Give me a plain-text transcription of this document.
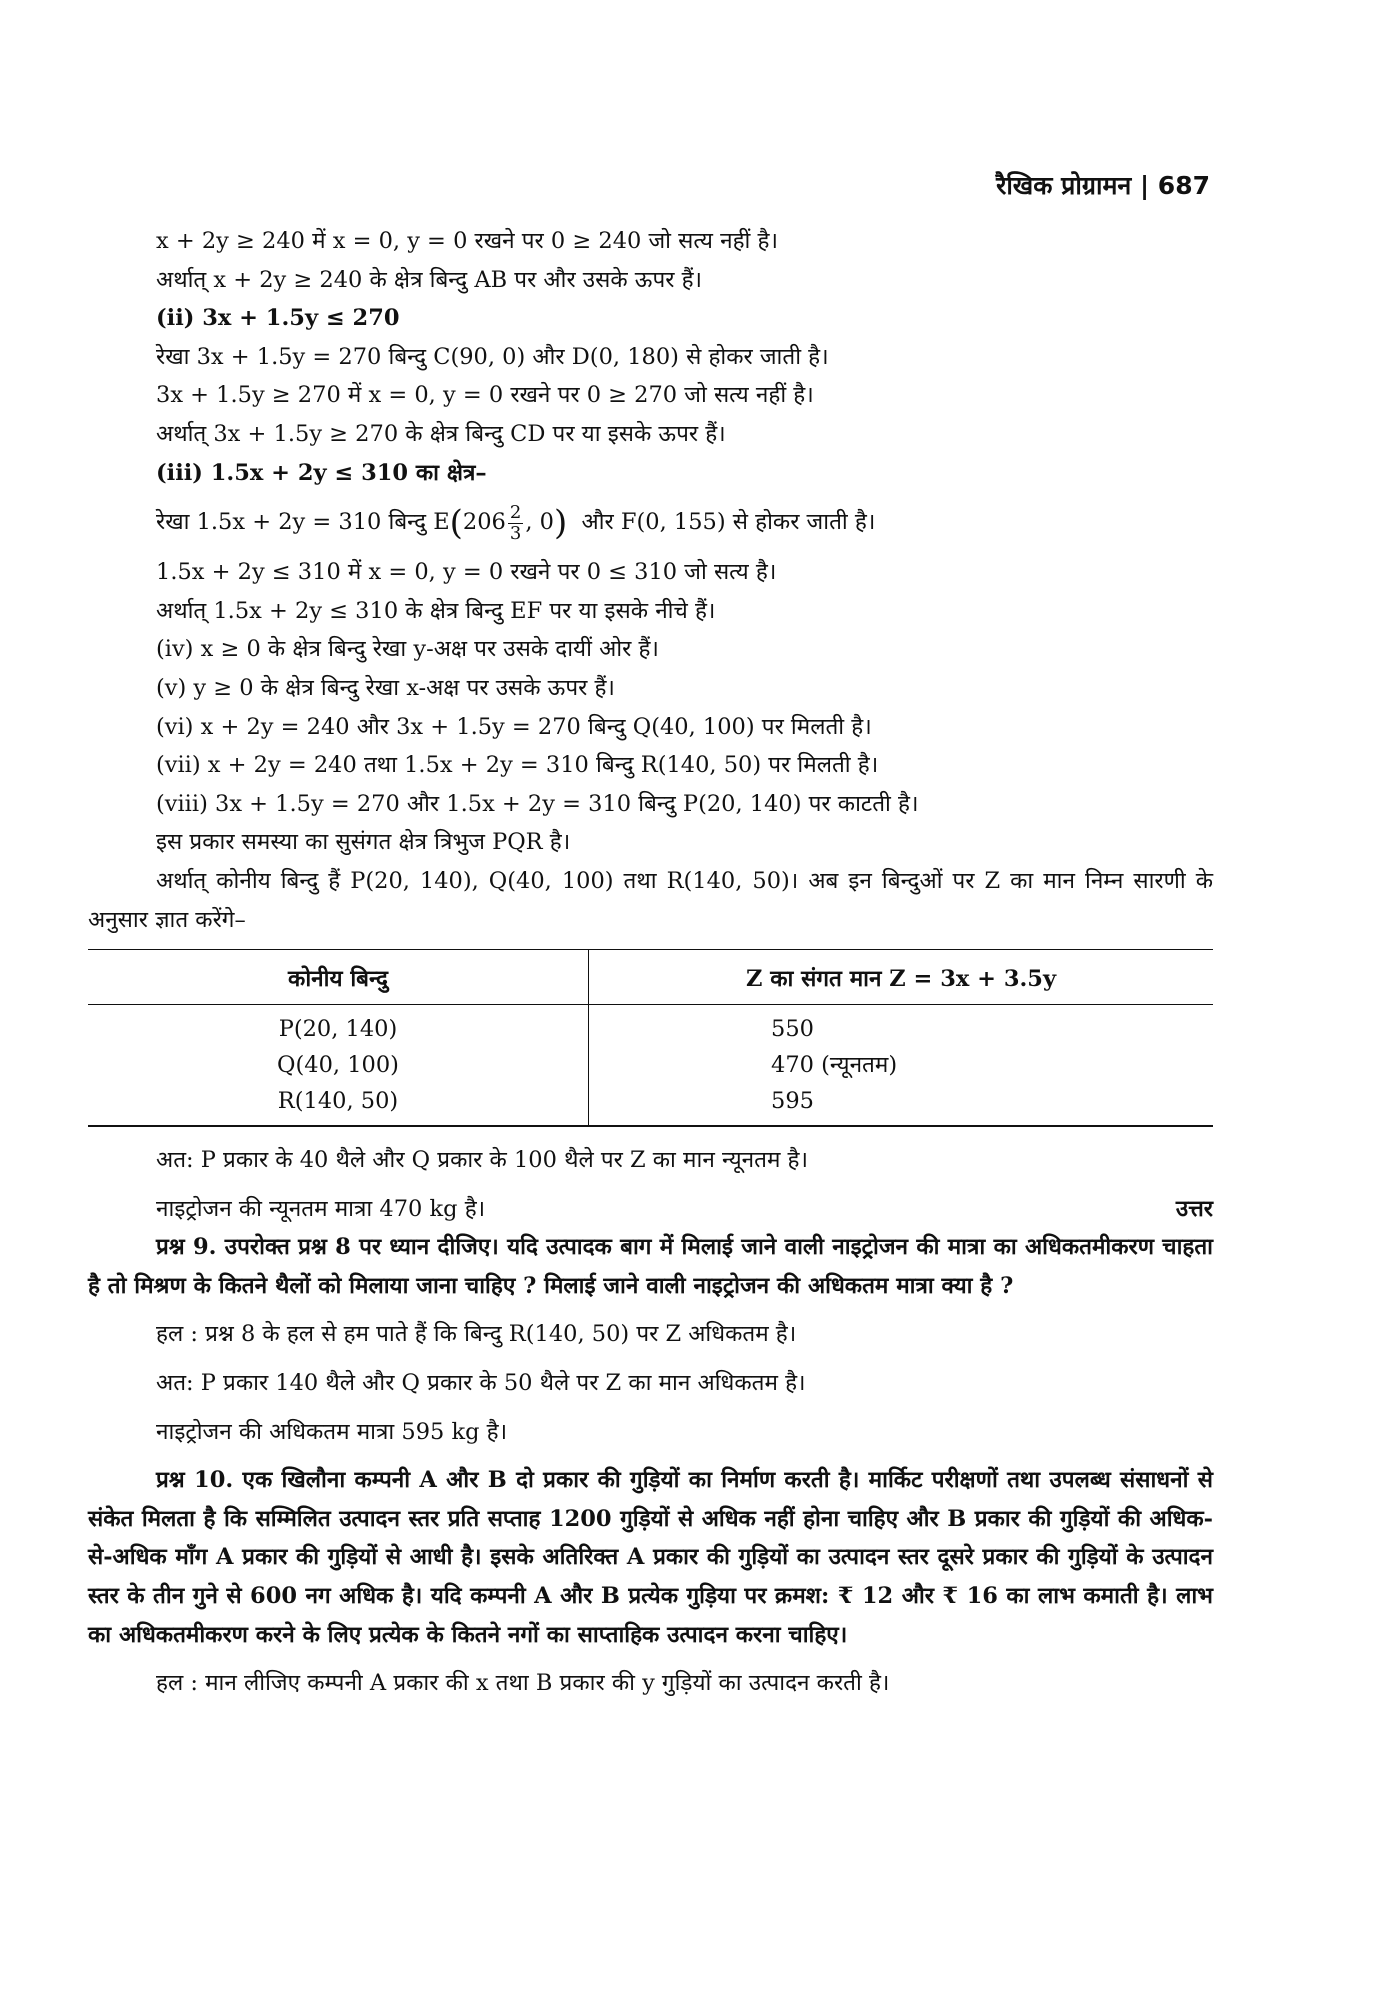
रैखिक प्रोग्रामन | 687
x + 2y ≥ 240 में x = 0, y = 0 रखने पर 0 ≥ 240 जो सत्य नहीं है।
अर्थात् x + 2y ≥ 240 के क्षेत्र बिन्दु AB पर और उसके ऊपर हैं।
(ii) 3x + 1.5y ≤ 270
रेखा 3x + 1.5y = 270 बिन्दु C(90, 0) और D(0, 180) से होकर जाती है।
3x + 1.5y ≥ 270 में x = 0, y = 0 रखने पर 0 ≥ 270 जो सत्य नहीं है।
अर्थात् 3x + 1.5y ≥ 270 के क्षेत्र बिन्दु CD पर या इसके ऊपर हैं।
(iii) 1.5x + 2y ≤ 310 का क्षेत्र–
रेखा 1.5x + 2y = 310 बिन्दु $E(206 \frac{2}{3}$ , 0) और F(0, 155) से होकर जाती है।
1.5x + 2y ≤ 310 में x = 0, y = 0 रखने पर 0 ≤ 310 जो सत्य है।
अर्थात् 1.5x + 2y ≤ 310 के क्षेत्र बिन्दु EF पर या इसके नीचे हैं।
(iv) x ≥ 0 के क्षेत्र बिन्दु रेखा y-अक्ष पर उसके दायीं ओर हैं।
(v) y ≥ 0 के क्षेत्र बिन्दु रेखा x-अक्ष पर उसके ऊपर हैं।
(vi) x + 2y = 240 और 3x + 1.5y = 270 बिन्दु Q(40, 100) पर मिलती है।
(vii) x + 2y = 240 तथा 1.5x + 2y = 310 बिन्दु R(140, 50) पर मिलती है।
(viii) 3x + 1.5y = 270 और 1.5x + 2y = 310 बिन्दु P(20, 140) पर काटती है।
इस प्रकार समस्या का सुसंगत क्षेत्र त्रिभुज PQR है।
अर्थात् कोनीय बिन्दु हैं P(20, 140), Q(40, 100) तथा R(140, 50)। अब इन बिन्दुओं पर Z का मान निम्न सारणी के अनुसार ज्ञात करेंगे–
कोनीय बिन्दु	Z का संगत मान Z = 3x + 3.5y
P(20, 140)	550
Q(40, 100)	470 (न्यूनतम)
R(140, 50)	595
अत: P प्रकार के 40 थैले और Q प्रकार के 100 थैले पर Z का मान न्यूनतम है।
नाइट्रोजन की न्यूनतम मात्रा 470 kg है।	उत्तर
प्रश्न 9. उपरोक्त प्रश्न 8 पर ध्यान दीजिए। यदि उत्पादक बाग में मिलाई जाने वाली नाइट्रोजन की मात्रा का अधिकतमीकरण चाहता है तो मिश्रण के कितने थैलों को मिलाया जाना चाहिए ? मिलाई जाने वाली नाइट्रोजन की अधिकतम मात्रा क्या है ?
हल : प्रश्न 8 के हल से हम पाते हैं कि बिन्दु R(140, 50) पर Z अधिकतम है।
अत: P प्रकार 140 थैले और Q प्रकार के 50 थैले पर Z का मान अधिकतम है।
नाइट्रोजन की अधिकतम मात्रा 595 kg है।
प्रश्न 10. एक खिलौना कम्पनी A और B दो प्रकार की गुड़ियों का निर्माण करती है। मार्किट परीक्षणों तथा उपलब्ध संसाधनों से संकेत मिलता है कि सम्मिलित उत्पादन स्तर प्रति सप्ताह 1200 गुड़ियों से अधिक नहीं होना चाहिए और B प्रकार की गुड़ियों की अधिक-से-अधिक माँग A प्रकार की गुड़ियों से आधी है। इसके अतिरिक्त A प्रकार की गुड़ियों का उत्पादन स्तर दूसरे प्रकार की गुड़ियों के उत्पादन स्तर के तीन गुने से 600 नग अधिक है। यदि कम्पनी A और B प्रत्येक गुड़िया पर क्रमश: ₹ 12 और ₹ 16 का लाभ कमाती है। लाभ का अधिकतमीकरण करने के लिए प्रत्येक के कितने नगों का साप्ताहिक उत्पादन करना चाहिए।
हल : मान लीजिए कम्पनी A प्रकार की x तथा B प्रकार की y गुड़ियों का उत्पादन करती है।
